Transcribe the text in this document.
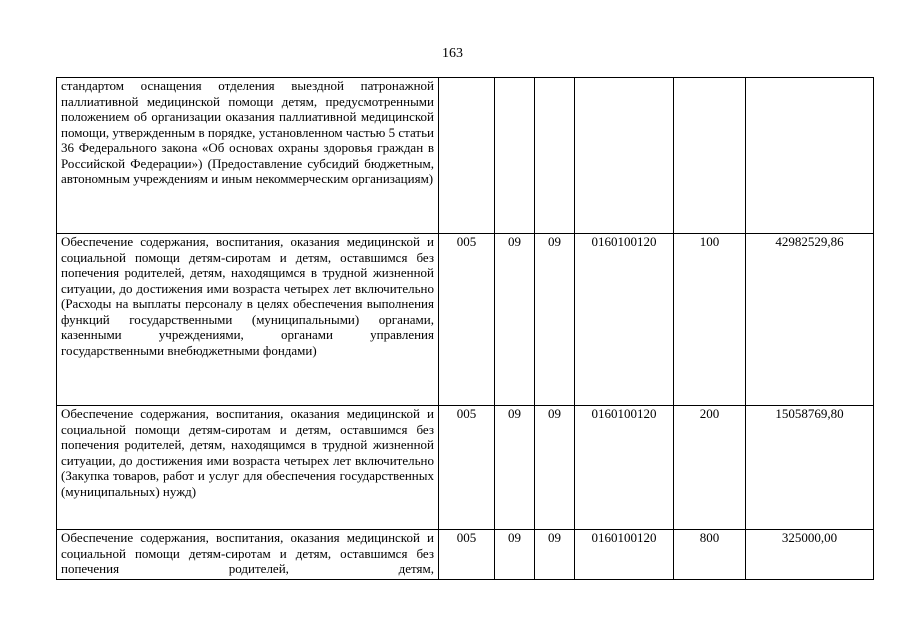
163
стандартом оснащения отделения выездной патронажной паллиативной медицинской помощи детям, предусмотренными положением об организации оказания паллиативной медицинской помощи, утвержденным в порядке, установленном частью 5 статьи 36 Федерального закона «Об основах охраны здоровья граждан в Российской Федерации») (Предоставление субсидий бюджетным, автономным учреждениям и иным некоммерческим организациям)						
Обеспечение содержания, воспитания, оказания медицинской и социальной помощи детям-сиротам и детям, оставшимся без попечения родителей, детям, находящимся в трудной жизненной ситуации, до достижения ими возраста четырех лет включительно (Расходы на выплаты персоналу в целях обеспечения выполнения функций государственными (муниципальными) органами, казенными учреждениями, органами управления государственными внебюджетными фондами)	005	09	09	0160100120	100	42982529,86
Обеспечение содержания, воспитания, оказания медицинской и социальной помощи детям-сиротам и детям, оставшимся без попечения родителей, детям, находящимся в трудной жизненной ситуации, до достижения ими возраста четырех лет включительно (Закупка товаров, работ и услуг для обеспечения государственных (муниципальных) нужд)	005	09	09	0160100120	200	15058769,80
Обеспечение содержания, воспитания, оказания медицинской и социальной помощи детям-сиротам и детям, оставшимся без попечения родителей, детям,	005	09	09	0160100120	800	325000,00
